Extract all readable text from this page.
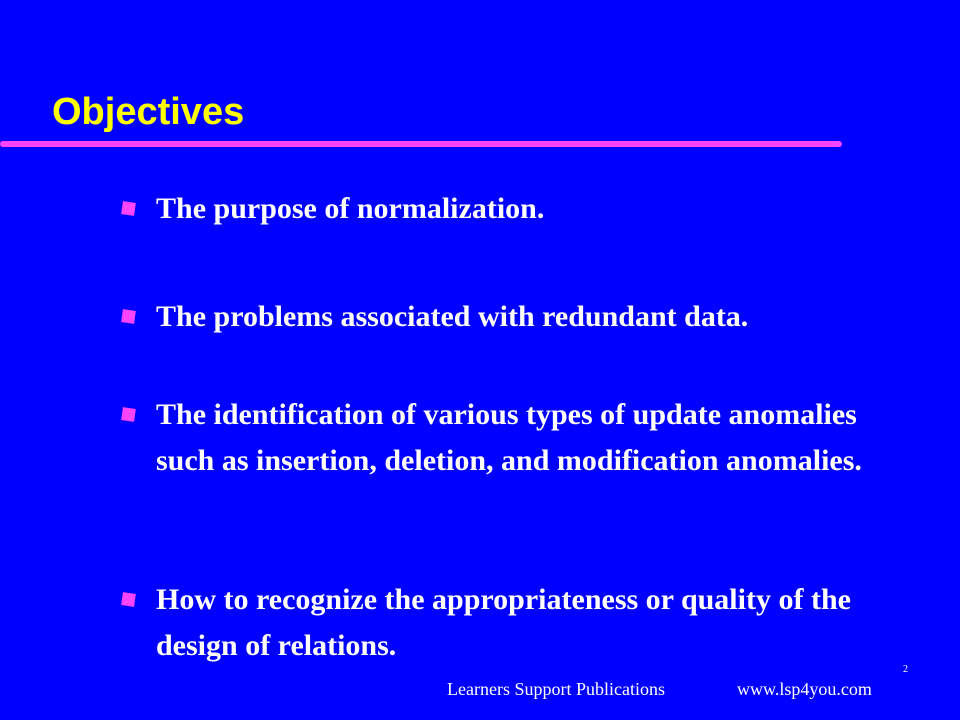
Objectives
The purpose of normalization.
The problems associated with redundant data.
The identification of various types of update anomalies such as insertion, deletion, and modification anomalies.
How to recognize the appropriateness or quality of the design of relations.
2
Learners Support Publications	www.lsp4you.com
